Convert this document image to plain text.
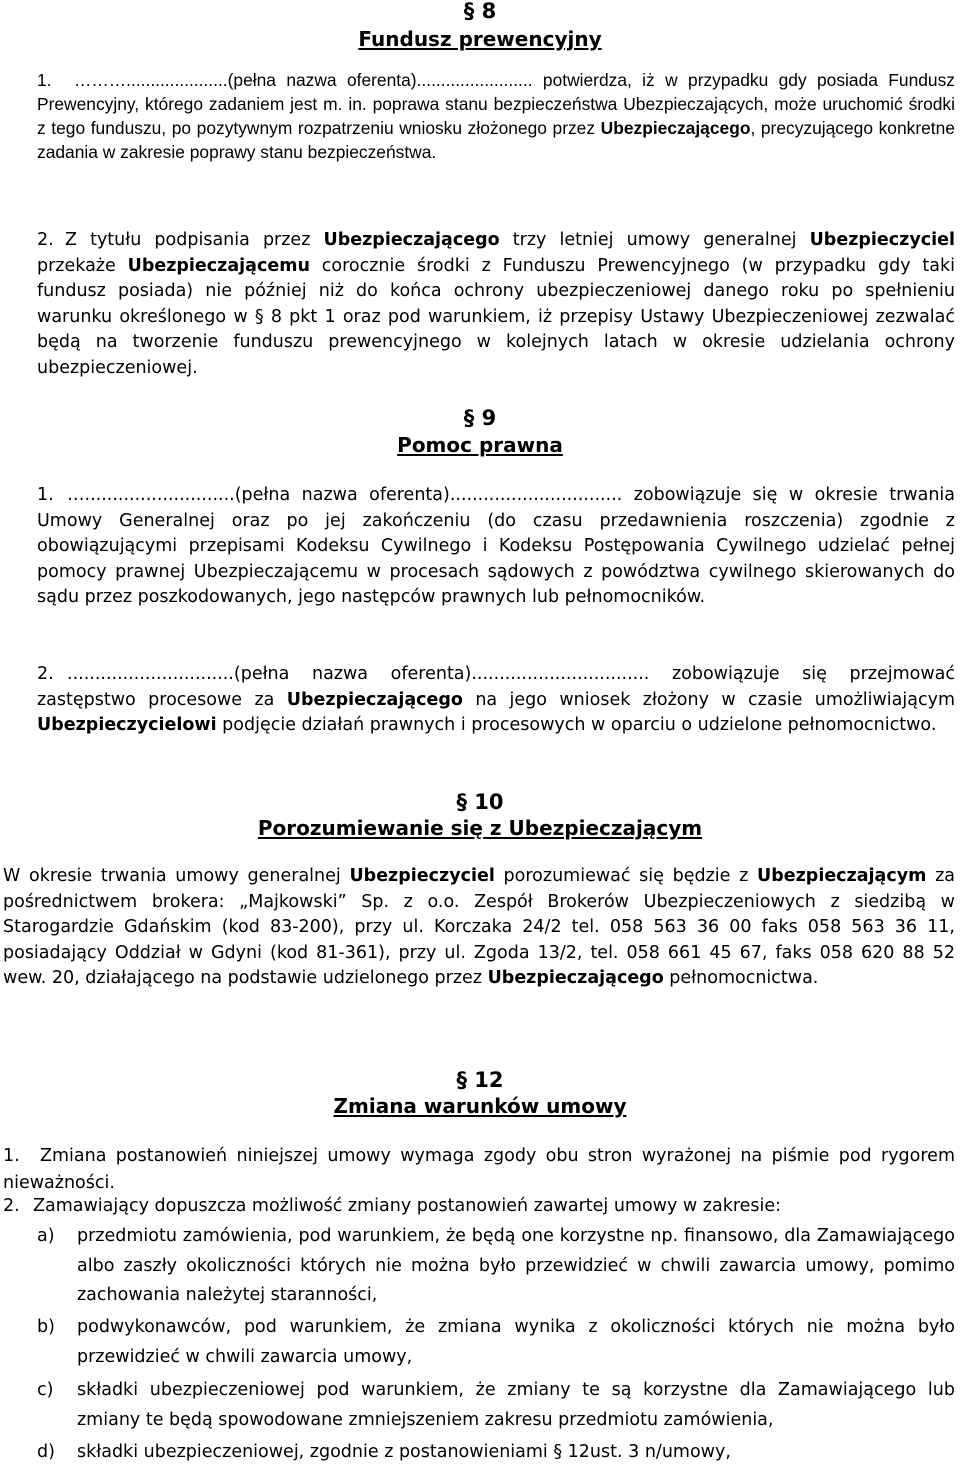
§ 8
Fundusz prewencyjny
1. ……….....................(pełna nazwa oferenta)........................ potwierdza, iż w przypadku gdy posiada Fundusz Prewencyjny, którego zadaniem jest m. in. poprawa stanu bezpieczeństwa Ubezpieczających, może uruchomić środki z tego funduszu, po pozytywnym rozpatrzeniu wniosku złożonego przez Ubezpieczającego, precyzującego konkretne zadania w zakresie poprawy stanu bezpieczeństwa.
2. Z tytułu podpisania przez Ubezpieczającego trzy letniej umowy generalnej Ubezpieczyciel przekaże Ubezpieczającemu corocznie środki z Funduszu Prewencyjnego (w przypadku gdy taki fundusz posiada) nie później niż do końca ochrony ubezpieczeniowej danego roku po spełnieniu warunku określonego w § 8 pkt 1 oraz pod warunkiem, iż przepisy Ustawy Ubezpieczeniowej zezwalać będą na tworzenie funduszu prewencyjnego w kolejnych latach w okresie udzielania ochrony ubezpieczeniowej.
§ 9
Pomoc prawna
1. …...........................(pełna nazwa oferenta)............................... zobowiązuje się w okresie trwania Umowy Generalnej oraz po jej zakończeniu (do czasu przedawnienia roszczenia) zgodnie z obowiązującymi przepisami Kodeksu Cywilnego i Kodeksu Postępowania Cywilnego udzielać pełnej pomocy prawnej Ubezpieczającemu w procesach sądowych z powództwa cywilnego skierowanych do sądu przez poszkodowanych, jego następców prawnych lub pełnomocników.
2. ..............................(pełna nazwa oferenta)................................ zobowiązuje się przejmować zastępstwo procesowe za Ubezpieczającego na jego wniosek złożony w czasie umożliwiającym Ubezpieczycielowi podjęcie działań prawnych i procesowych w oparciu o udzielone pełnomocnictwo.
§ 10
Porozumiewanie się z Ubezpieczającym
W okresie trwania umowy generalnej Ubezpieczyciel porozumiewać się będzie z Ubezpieczającym za pośrednictwem brokera: „Majkowski” Sp. z o.o. Zespół Brokerów Ubezpieczeniowych z siedzibą w Starogardzie Gdańskim (kod 83-200), przy ul. Korczaka 24/2 tel. 058 563 36 00 faks 058 563 36 11, posiadający Oddział w Gdyni (kod 81-361), przy ul. Zgoda 13/2, tel. 058 661 45 67, faks 058 620 88 52 wew. 20, działającego na podstawie udzielonego przez Ubezpieczającego pełnomocnictwa.
§ 12
Zmiana warunków umowy
1. Zmiana postanowień niniejszej umowy wymaga zgody obu stron wyrażonej na piśmie pod rygorem nieważności.
2. Zamawiający dopuszcza możliwość zmiany postanowień zawartej umowy w zakresie:
a) przedmiotu zamówienia, pod warunkiem, że będą one korzystne np. finansowo, dla Zamawiającego albo zaszły okoliczności których nie można było przewidzieć w chwili zawarcia umowy, pomimo zachowania należytej staranności,
b) podwykonawców, pod warunkiem, że zmiana wynika z okoliczności których nie można było przewidzieć w chwili zawarcia umowy,
c) składki ubezpieczeniowej pod warunkiem, że zmiany te są korzystne dla Zamawiającego lub zmiany te będą spowodowane zmniejszeniem zakresu przedmiotu zamówienia,
d) składki ubezpieczeniowej, zgodnie z postanowieniami § 12ust. 3 n/umowy,
